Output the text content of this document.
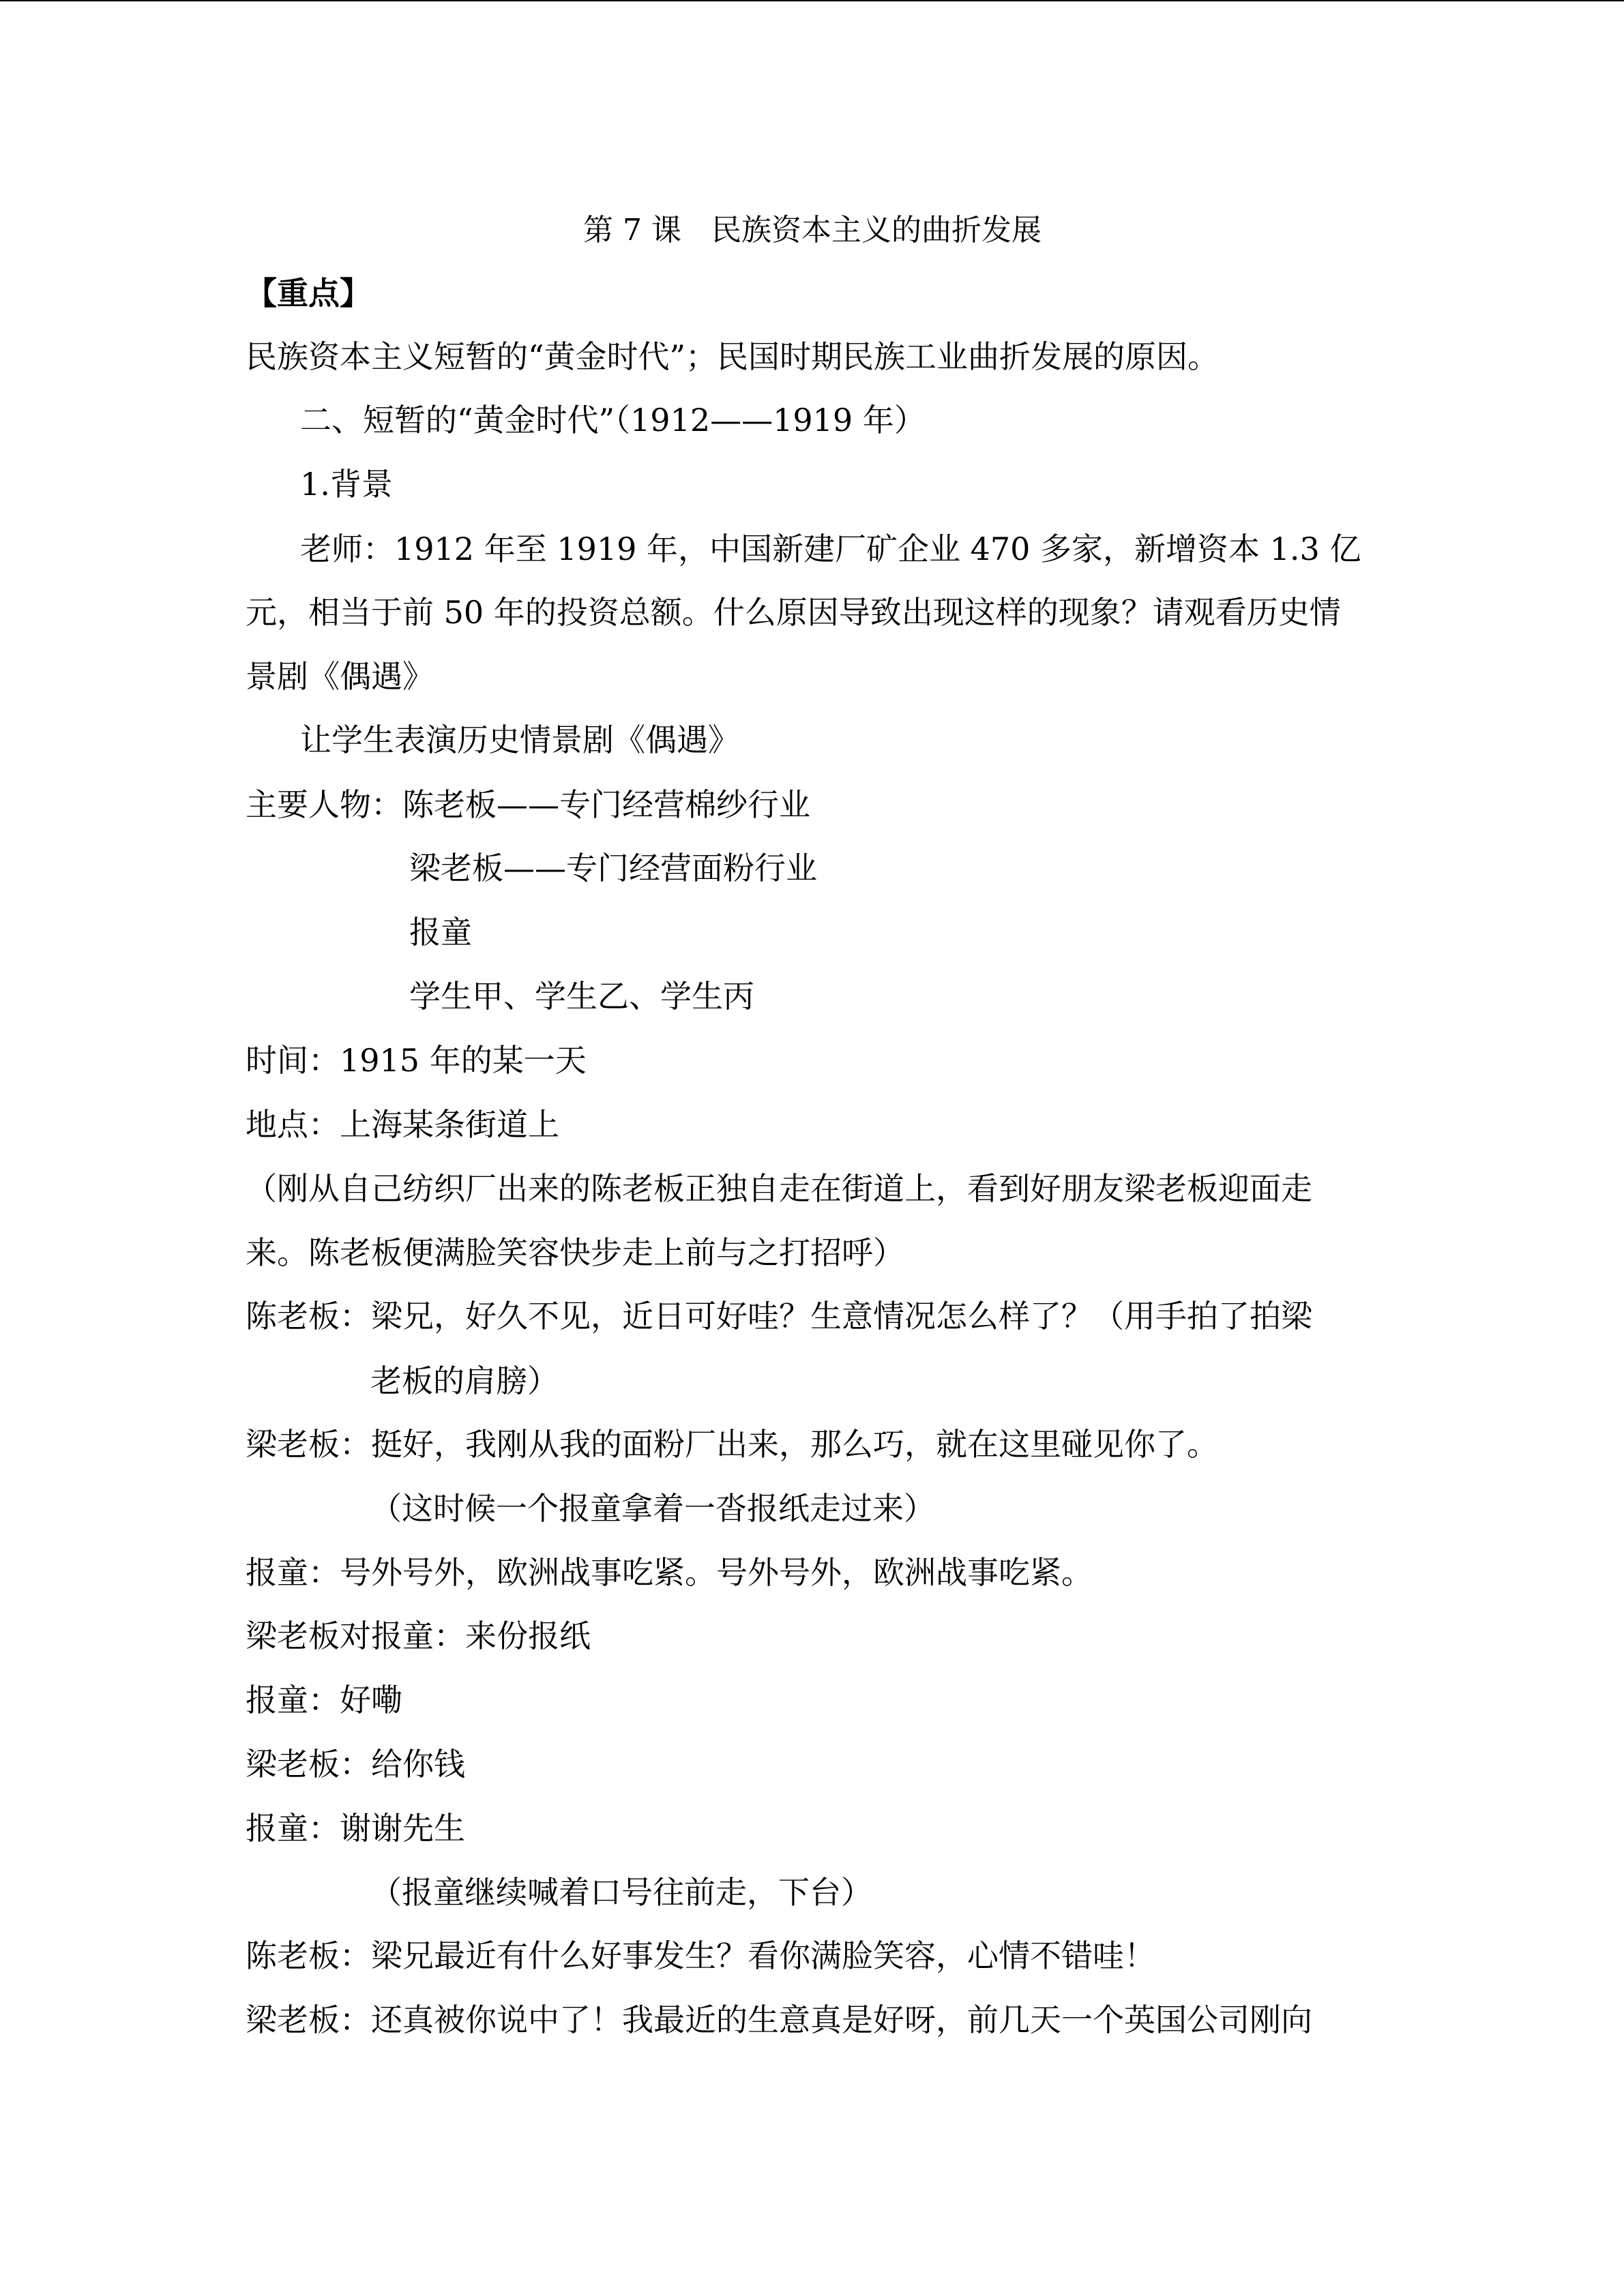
第 7 课　民族资本主义的曲折发展
【重点】
民族资本主义短暂的“黄金时代”；民国时期民族工业曲折发展的原因。
二、短暂的“黄金时代”（1912——1919 年）
1.背景
老师：1912 年至 1919 年，中国新建厂矿企业 470 多家，新增资本 1.3 亿
元，相当于前 50 年的投资总额。什么原因导致出现这样的现象？请观看历史情
景剧《偶遇》
让学生表演历史情景剧《偶遇》
主要人物：陈老板——专门经营棉纱行业
梁老板——专门经营面粉行业
报童
学生甲、学生乙、学生丙
时间：1915 年的某一天
地点：上海某条街道上
（刚从自己纺织厂出来的陈老板正独自走在街道上，看到好朋友梁老板迎面走
来。陈老板便满脸笑容快步走上前与之打招呼）
陈老板：梁兄，好久不见，近日可好哇？生意情况怎么样了？（用手拍了拍梁
老板的肩膀）
梁老板：挺好，我刚从我的面粉厂出来，那么巧，就在这里碰见你了。
（这时候一个报童拿着一沓报纸走过来）
报童：号外号外，欧洲战事吃紧。号外号外，欧洲战事吃紧。
梁老板对报童：来份报纸
报童：好嘞
梁老板：给你钱
报童：谢谢先生
（报童继续喊着口号往前走，下台）
陈老板：梁兄最近有什么好事发生？看你满脸笑容，心情不错哇！
梁老板：还真被你说中了！我最近的生意真是好呀，前几天一个英国公司刚向
